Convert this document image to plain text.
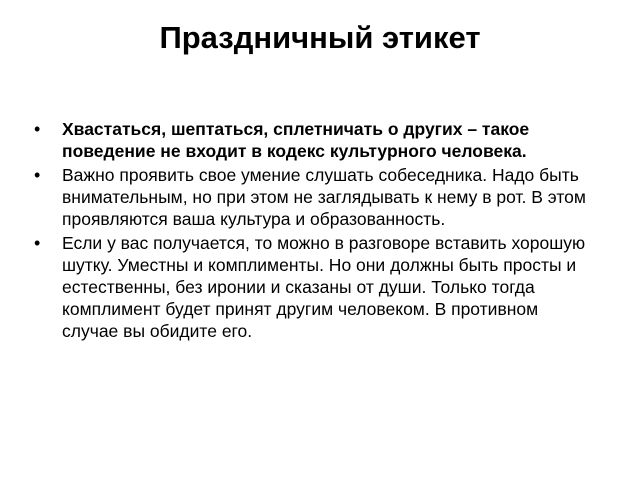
Праздничный этикет
•	Хвастаться, шептаться, сплетничать о других – такое поведение не входит в кодекс культурного человека.
•	Важно проявить свое умение слушать собеседника. Надо быть внимательным, но при этом не заглядывать к нему в рот. В этом проявляются ваша культура и образованность.
•	Если у вас получается, то можно в разговоре вставить хорошую шутку. Уместны и комплименты. Но они должны быть просты и естественны, без иронии и сказаны от души. Только тогда комплимент будет принят другим человеком. В противном случае вы обидите его.
